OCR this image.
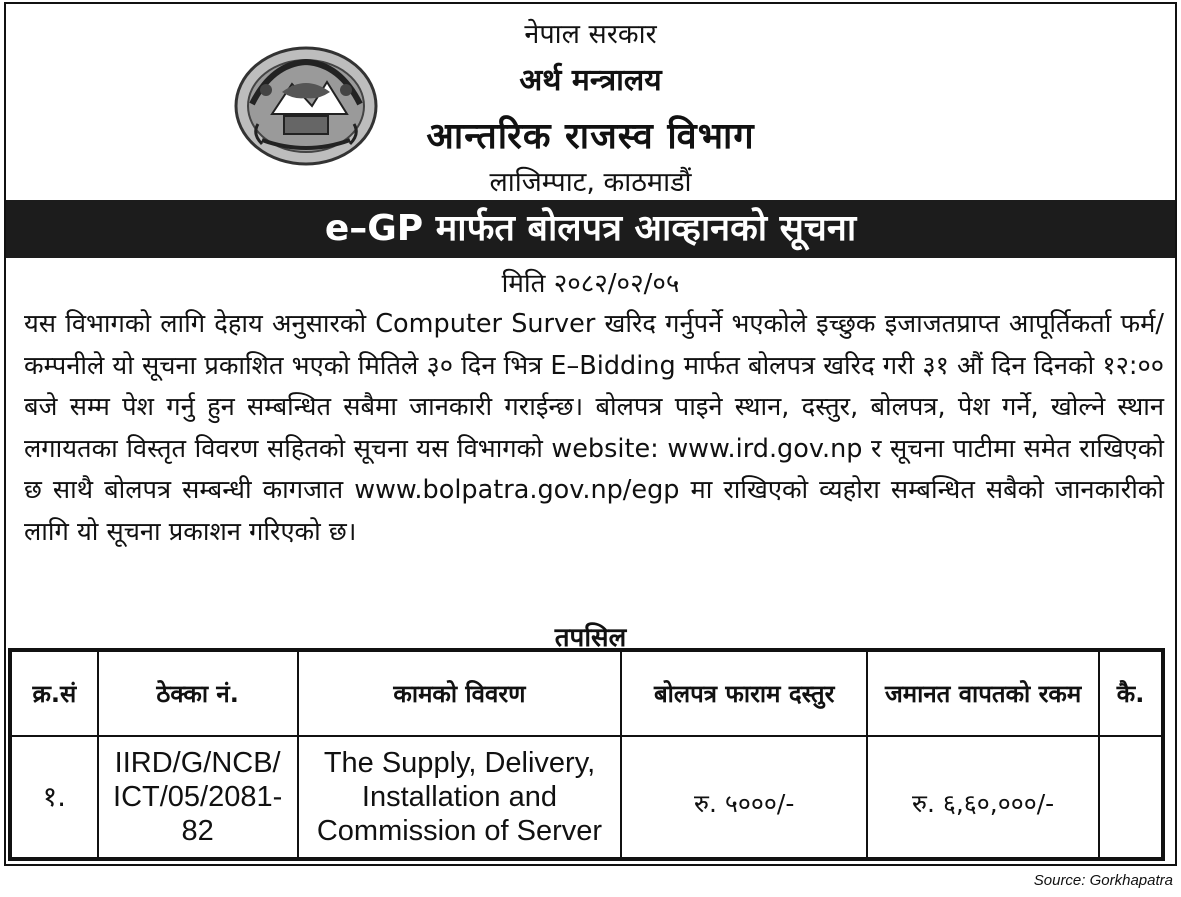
नेपाल सरकार
अर्थ मन्त्रालय
आन्तरिक राजस्व विभाग
लाजिम्पाट, काठमाडौं
e–GP मार्फत बोलपत्र आव्हानको सूचना
मिति २०८२/०२/०५

यस विभागको लागि देहाय अनुसारको Computer Surver खरिद गर्नुपर्ने भएकोले इच्छुक इजाजतप्राप्त आपूर्तिकर्ता फर्म/कम्पनीले यो सूचना प्रकाशित भएको मितिले ३० दिन भित्र E–Bidding मार्फत बोलपत्र खरिद गरी ३१ औं दिन दिनको १२:०० बजे सम्म पेश गर्नु हुन सम्बन्धित सबैमा जानकारी गराईन्छ। बोलपत्र पाइने स्थान, दस्तुर, बोलपत्र, पेश गर्ने, खोल्ने स्थान लगायतका विस्तृत विवरण सहितको सूचना यस विभागको website: www.ird.gov.np र सूचना पाटीमा समेत राखिएको छ साथै बोलपत्र सम्बन्धी कागजात www.bolpatra.gov.np/egp मा राखिएको व्यहोरा सम्बन्धित सबैको जानकारीको लागि यो सूचना प्रकाशन गरिएको छ।

तपसिल
क्र.सं	ठेक्का नं.	कामको विवरण	बोलपत्र फाराम दस्तुर	जमानत वापतको रकम	कै.
१.	IIRD/G/NCB/ ICT/05/2081-82	The Supply, Delivery, Installation and Commission of Server	रु. ५०००/-	रु. ६,६०,०००/-	
Source: Gorkhapatra
